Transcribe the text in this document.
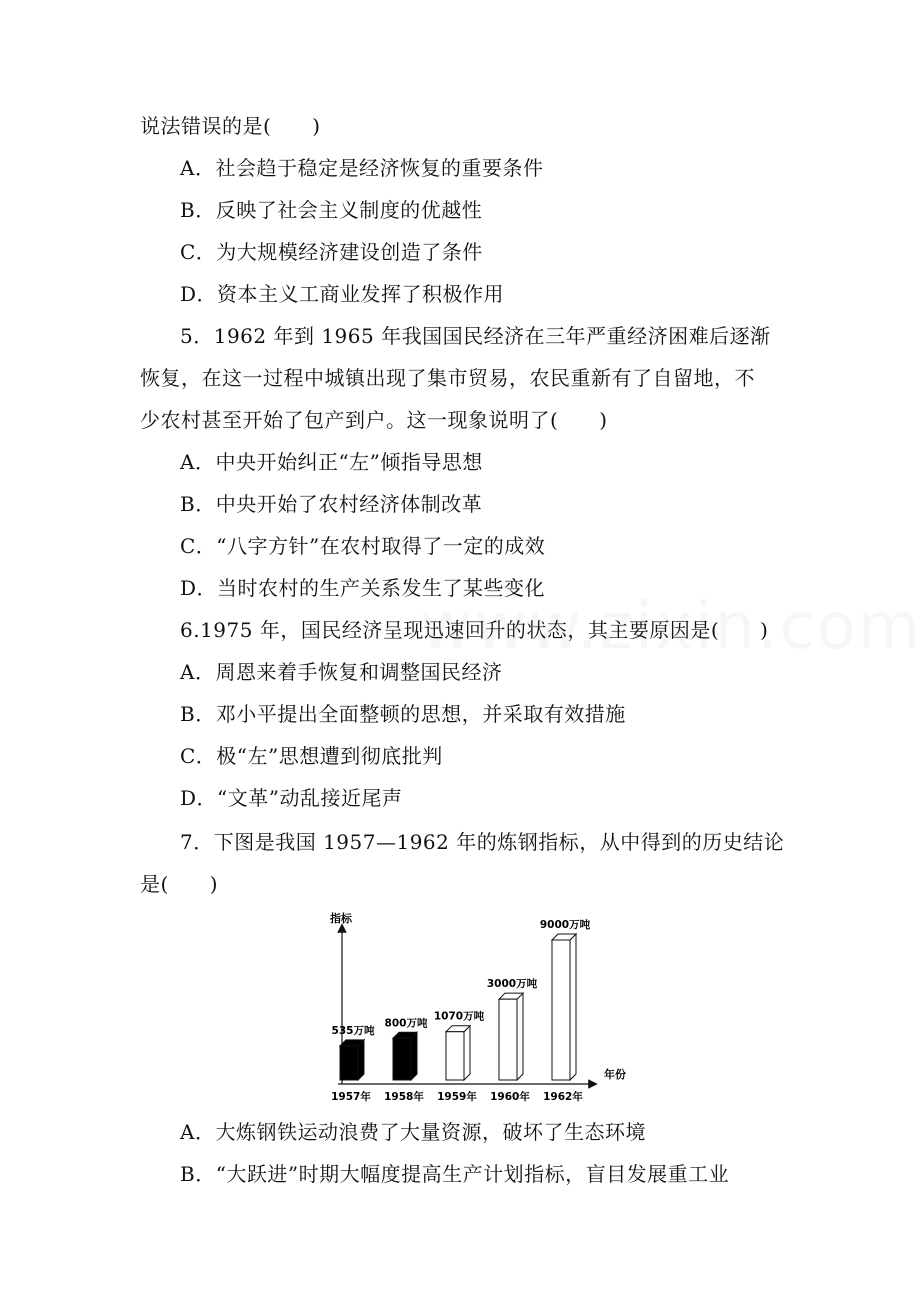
说法错误的是(　　)
A．社会趋于稳定是经济恢复的重要条件
B．反映了社会主义制度的优越性
C．为大规模经济建设创造了条件
D．资本主义工商业发挥了积极作用
5．1962 年到 1965 年我国国民经济在三年严重经济困难后逐渐
恢复，在这一过程中城镇出现了集市贸易，农民重新有了自留地，不
少农村甚至开始了包产到户。这一现象说明了(　　)
A．中央开始纠正“左”倾指导思想
B．中央开始了农村经济体制改革
C．“八字方针”在农村取得了一定的成效
D．当时农村的生产关系发生了某些变化
6.1975 年，国民经济呈现迅速回升的状态，其主要原因是(　　)
A．周恩来着手恢复和调整国民经济
B．邓小平提出全面整顿的思想，并采取有效措施
C．极“左”思想遭到彻底批判
D．“文革”动乱接近尾声
7．下图是我国 1957—1962 年的炼钢指标，从中得到的历史结论
是(　　)
指标
年份
535万吨
1957年
800万吨
1958年
1070万吨
1959年
3000万吨
1960年
9000万吨
1962年
A．大炼钢铁运动浪费了大量资源，破坏了生态环境
B．“大跃进”时期大幅度提高生产计划指标，盲目发展重工业
